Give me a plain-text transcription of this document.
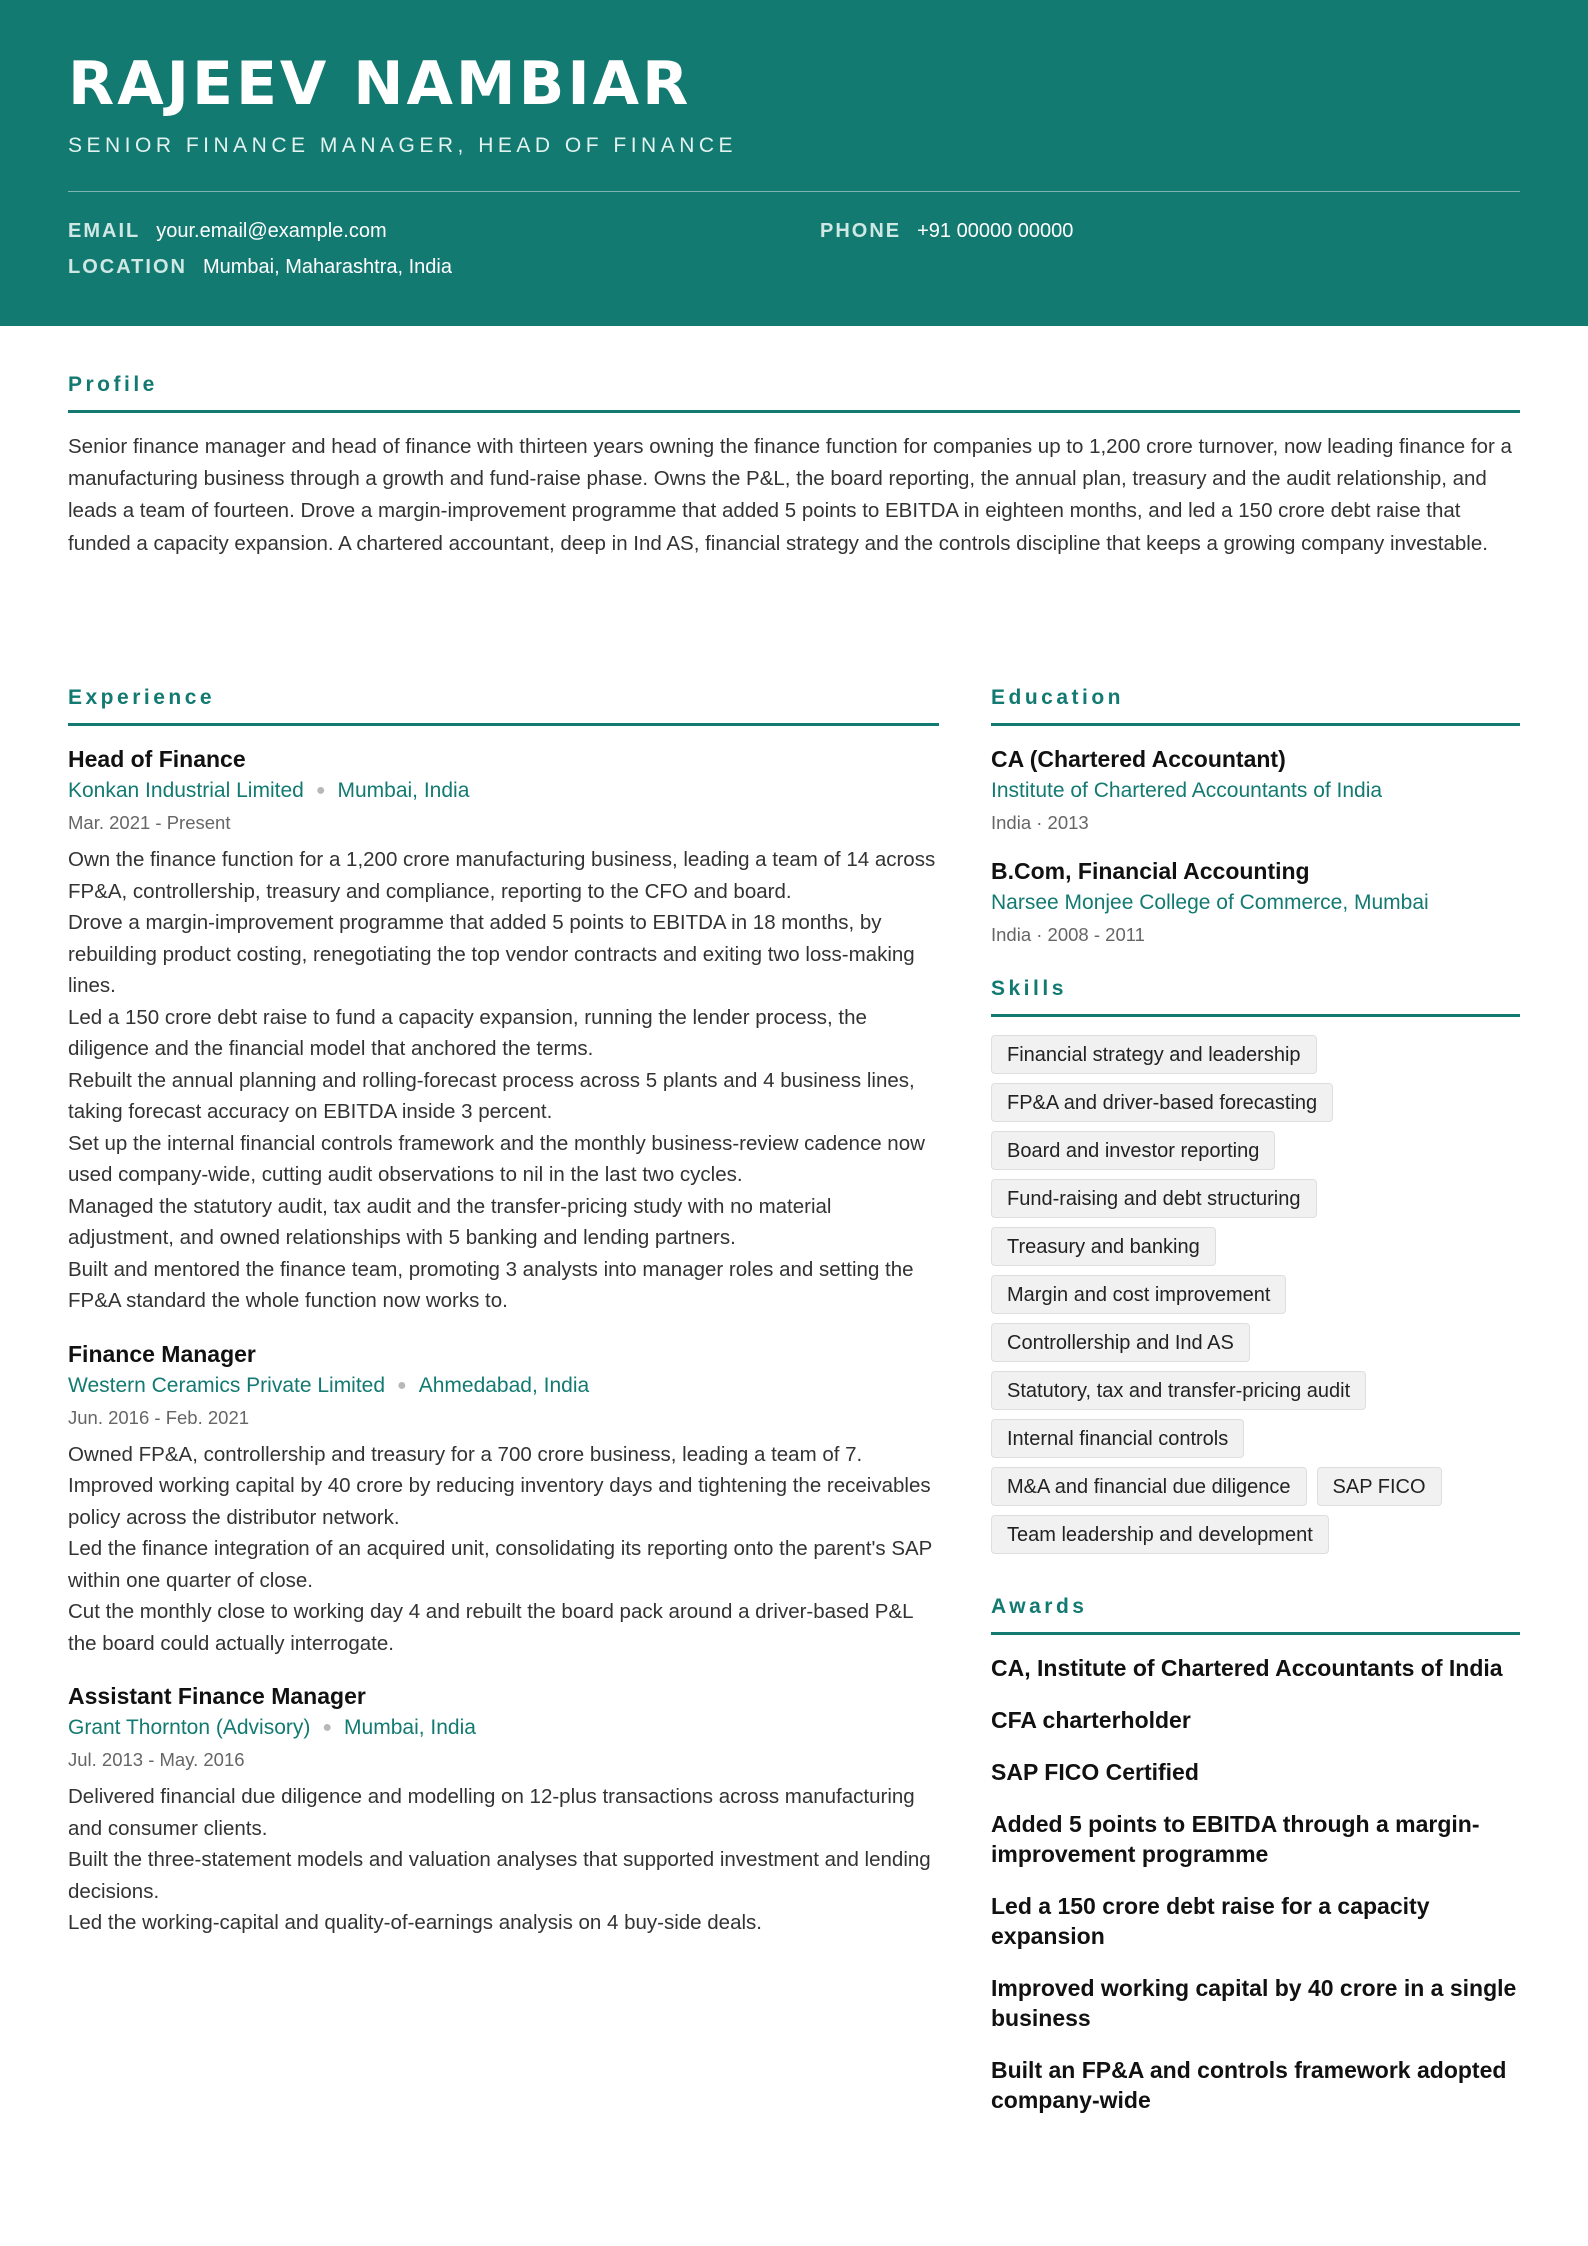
RAJEEV NAMBIAR
SENIOR FINANCE MANAGER, HEAD OF FINANCE
EMAIL your.email@example.com	PHONE +91 00000 00000
LOCATION Mumbai, Maharashtra, India
Profile
Senior finance manager and head of finance with thirteen years owning the finance function for companies up to 1,200 crore turnover, now leading finance for a manufacturing business through a growth and fund-raise phase. Owns the P&L, the board reporting, the annual plan, treasury and the audit relationship, and leads a team of fourteen. Drove a margin-improvement programme that added 5 points to EBITDA in eighteen months, and led a 150 crore debt raise that funded a capacity expansion. A chartered accountant, deep in Ind AS, financial strategy and the controls discipline that keeps a growing company investable.
Experience
Head of Finance
Konkan Industrial Limited ● Mumbai, India
Mar. 2021 - Present
Own the finance function for a 1,200 crore manufacturing business, leading a team of 14 across FP&A, controllership, treasury and compliance, reporting to the CFO and board.
Drove a margin-improvement programme that added 5 points to EBITDA in 18 months, by rebuilding product costing, renegotiating the top vendor contracts and exiting two loss-making lines.
Led a 150 crore debt raise to fund a capacity expansion, running the lender process, the diligence and the financial model that anchored the terms.
Rebuilt the annual planning and rolling-forecast process across 5 plants and 4 business lines, taking forecast accuracy on EBITDA inside 3 percent.
Set up the internal financial controls framework and the monthly business-review cadence now used company-wide, cutting audit observations to nil in the last two cycles.
Managed the statutory audit, tax audit and the transfer-pricing study with no material adjustment, and owned relationships with 5 banking and lending partners.
Built and mentored the finance team, promoting 3 analysts into manager roles and setting the FP&A standard the whole function now works to.
Finance Manager
Western Ceramics Private Limited ● Ahmedabad, India
Jun. 2016 - Feb. 2021
Owned FP&A, controllership and treasury for a 700 crore business, leading a team of 7.
Improved working capital by 40 crore by reducing inventory days and tightening the receivables policy across the distributor network.
Led the finance integration of an acquired unit, consolidating its reporting onto the parent's SAP within one quarter of close.
Cut the monthly close to working day 4 and rebuilt the board pack around a driver-based P&L the board could actually interrogate.
Assistant Finance Manager
Grant Thornton (Advisory) ● Mumbai, India
Jul. 2013 - May. 2016
Delivered financial due diligence and modelling on 12-plus transactions across manufacturing and consumer clients.
Built the three-statement models and valuation analyses that supported investment and lending decisions.
Led the working-capital and quality-of-earnings analysis on 4 buy-side deals.
Education
CA (Chartered Accountant)
Institute of Chartered Accountants of India
India · 2013
B.Com, Financial Accounting
Narsee Monjee College of Commerce, Mumbai
India · 2008 - 2011
Skills
Financial strategy and leadership
FP&A and driver-based forecasting
Board and investor reporting
Fund-raising and debt structuring
Treasury and banking
Margin and cost improvement
Controllership and Ind AS
Statutory, tax and transfer-pricing audit
Internal financial controls
M&A and financial due diligence	SAP FICO
Team leadership and development
Awards
CA, Institute of Chartered Accountants of India
CFA charterholder
SAP FICO Certified
Added 5 points to EBITDA through a margin-improvement programme
Led a 150 crore debt raise for a capacity expansion
Improved working capital by 40 crore in a single business
Built an FP&A and controls framework adopted company-wide
